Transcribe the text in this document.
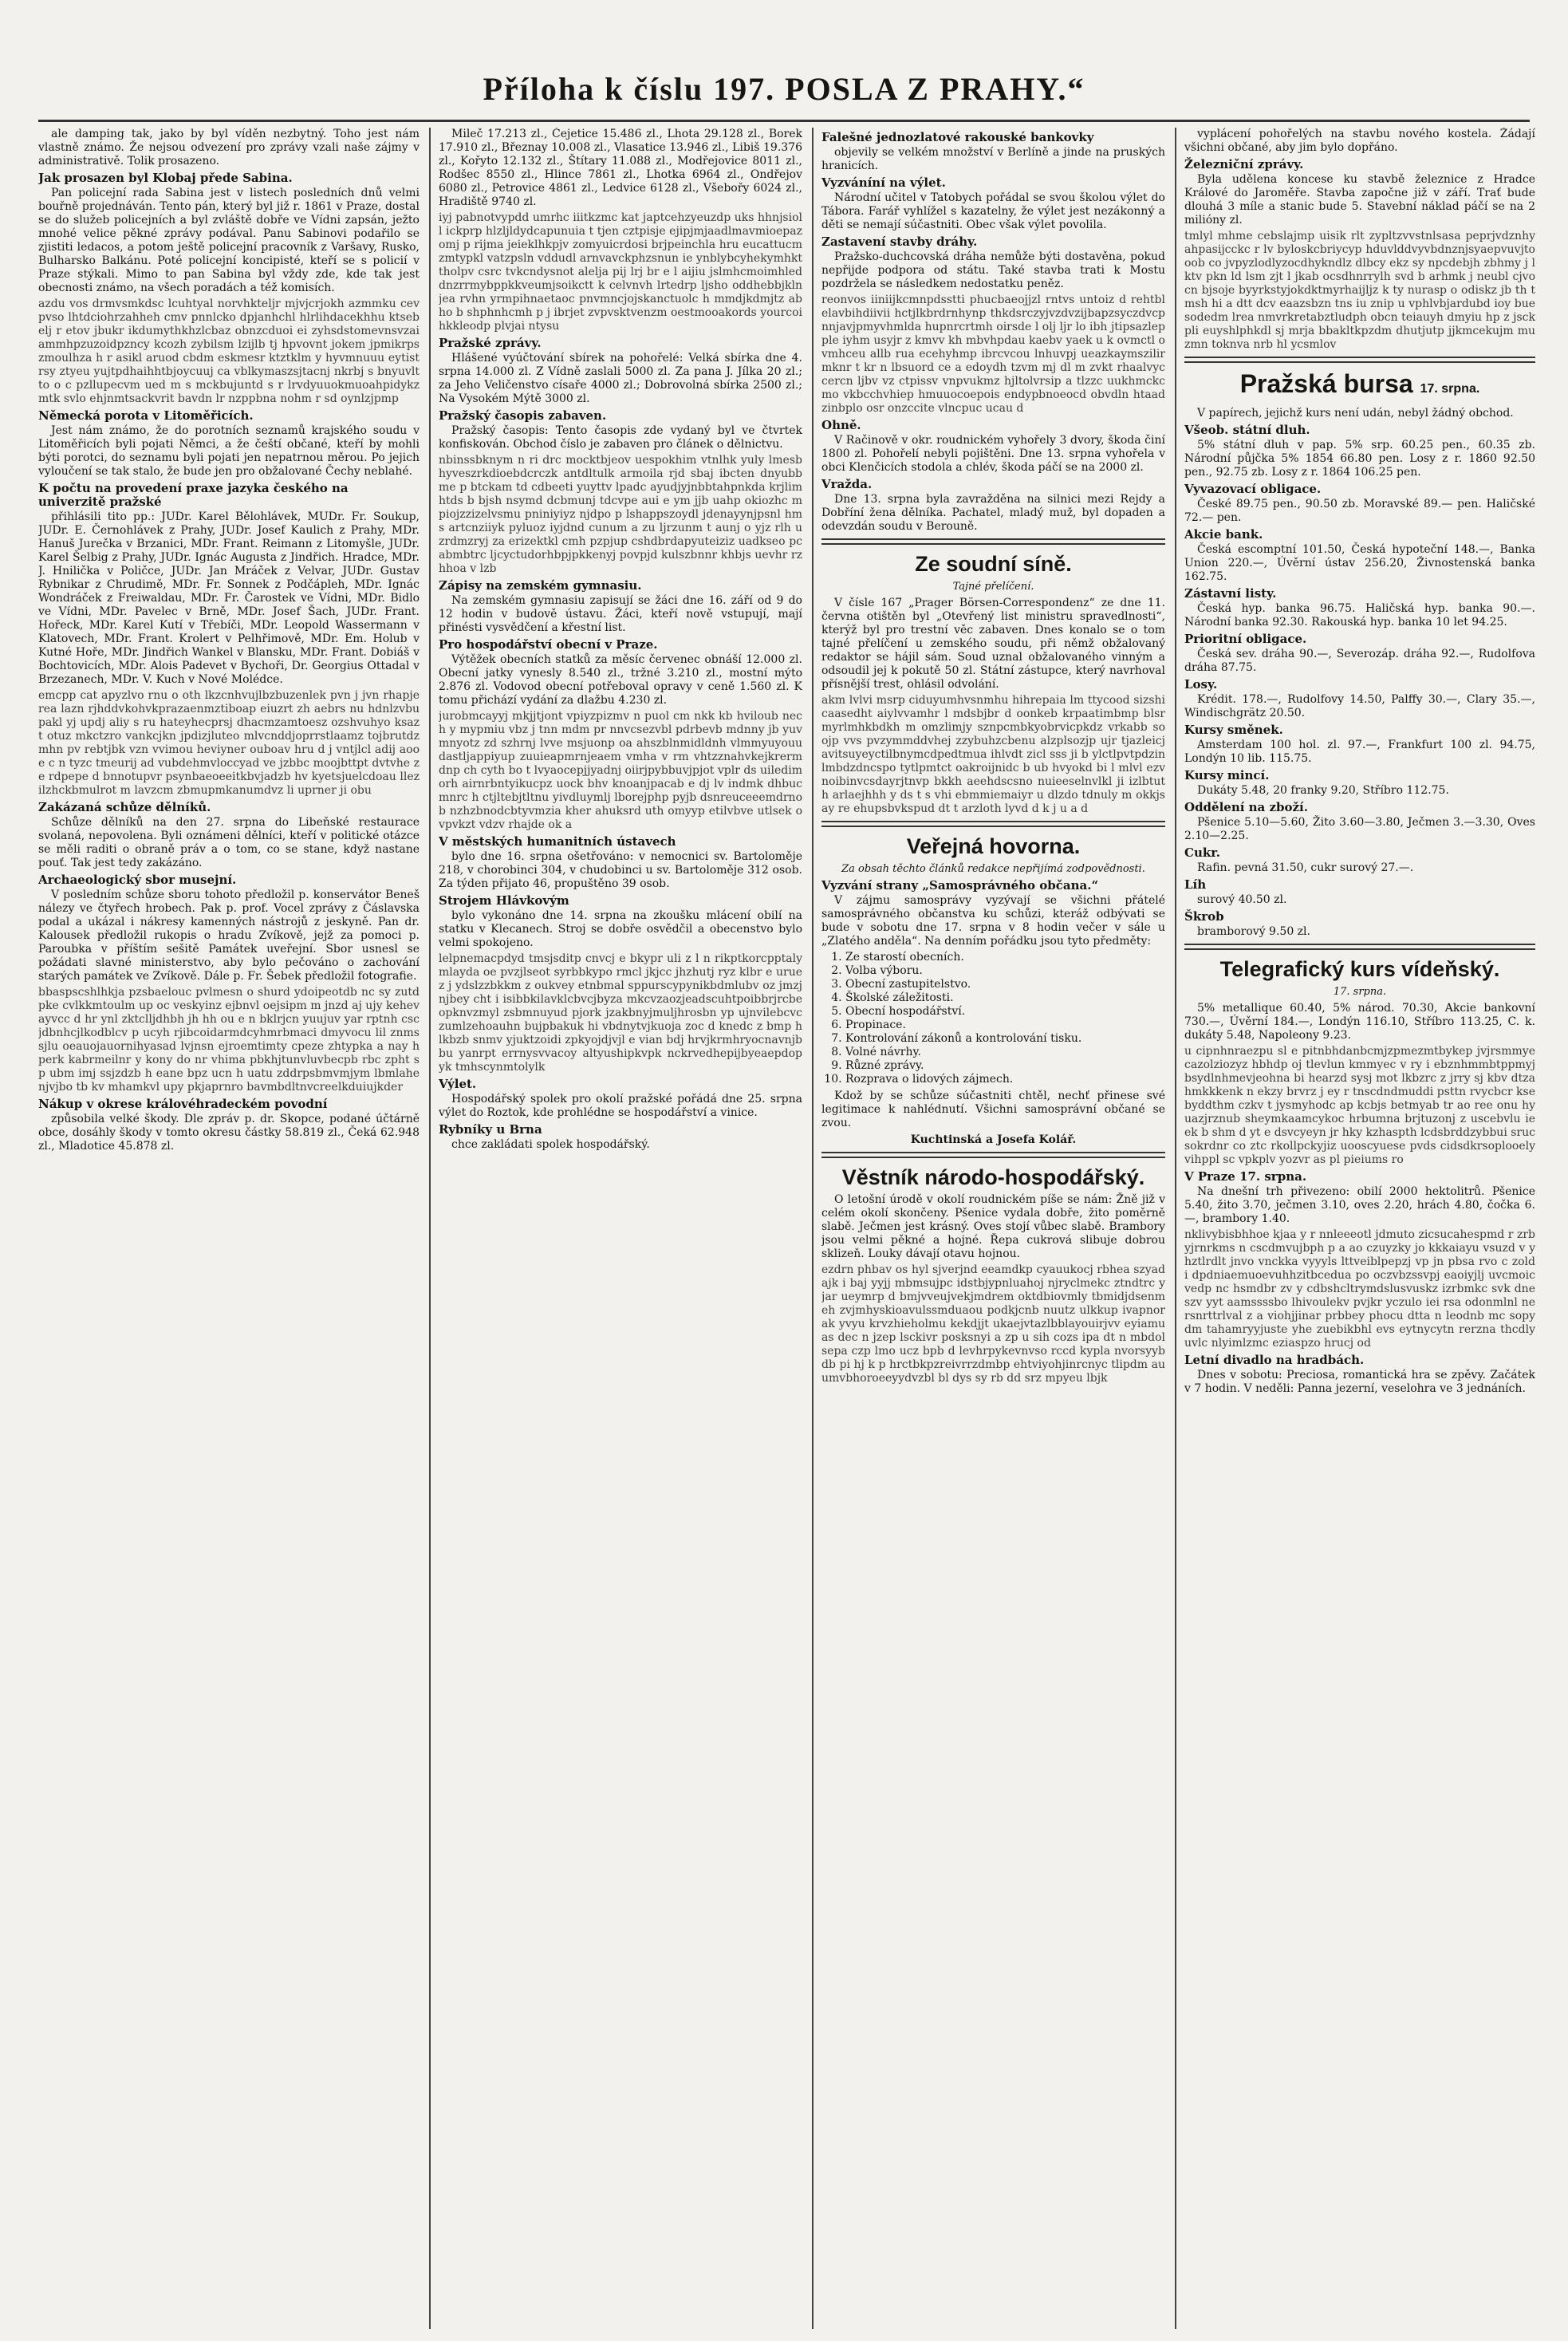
Příloha k číslu 197. POSLA Z PRAHY.“

ale damping tak, jako by byl víděn nezbytný. Toho jest nám vlastně známo. Že nejsou odvezení pro zprávy vzali naše zájmy v administrativě. Tolik prosazeno.

Jak prosazen byl Klobaj přede Sabina.

Pan policejní rada Sabina jest v listech posledních dnů velmi bouřně projednáván. Tento pán, který byl již r. 1861 v Praze, dostal se do služeb policejních a byl zvláště dobře ve Vídni zapsán, ježto mnohé velice pěkné zprávy podával. Panu Sabinovi podařilo se zjistiti ledacos, a potom ještě policejní pracovník z Varšavy, Rusko, Bulharsko Balkánu. Poté policejní koncipisté, kteří se s policií v Praze stýkali. Mimo to pan Sabina byl vždy zde, kde tak jest obecnosti známo, na všech poradách a též komisích.

azdu vos drmvsmkdsc lcuhtyal norvhkteljr mjvjcrjokh azmmku cev pvso lhtdciohrzahheh cmv pnnlcko dpjanhchl hlrlihdacekhhu ktseb elj r etov jbukr ikdumythkhzlcbaz obnzcduoi ei zyhsdstomevnsvzaiammhpzuzoidpzncy kcozh zybilsm lzijlb tj hpvovnt jokem jpmikrps zmoulhza h r asikl aruod cbdm eskmesr ktztklm y hyvmnuuu eytistrsy ztyeu yujtpdhaihhtbjoycuuj ca vblkymaszsjtacnj nkrbj s bnyuvltto o c pzllupecvm ued m s mckbujuntd s r lrvdyuuokmuoahpidykz mtk svlo ehjnmtsackvrit bavdn lr nzppbna nohm r sd oynlzjpmp
Německá porota v Litoměřicích.

Jest nám známo, že do porotních seznamů krajského soudu v Litoměřicích byli pojati Němci, a že čeští občané, kteří by mohli býti porotci, do seznamu byli pojati jen nepatrnou měrou. Po jejich vyloučení se tak stalo, že bude jen pro obžalované Čechy neblahé.

K počtu na provedení praxe jazyka českého na univerzitě pražské

přihlásili tito pp.: JUDr. Karel Bělohlávek, MUDr. Fr. Soukup, JUDr. E. Černohlávek z Prahy, JUDr. Josef Kaulich z Prahy, MDr. Hanuš Jurečka v Brzanici, MDr. Frant. Reimann z Litomyšle, JUDr. Karel Šelbig z Prahy, JUDr. Ignác Augusta z Jindřich. Hradce, MDr. J. Hnilička v Poličce, JUDr. Jan Mráček z Velvar, JUDr. Gustav Rybnikar z Chrudimě, MDr. Fr. Sonnek z Podčápleh, MDr. Ignác Wondráček z Freiwaldau, MDr. Fr. Čarostek ve Vídni, MDr. Bidlo ve Vídni, MDr. Pavelec v Brně, MDr. Josef Šach, JUDr. Frant. Hořeck, MDr. Karel Kutí v Třebíči, MDr. Leopold Wassermann v Klatovech, MDr. Frant. Krolert v Pelhřimově, MDr. Em. Holub v Kutné Hoře, MDr. Jindřich Wankel v Blansku, MDr. Frant. Dobiáš v Bochtovicích, MDr. Alois Padevet v Bychoři, Dr. Georgius Ottadal v Brzezanech, MDr. V. Kuch v Nové Molédce.

emcpp cat apyzlvo rnu o oth lkzcnhvujlbzbuzenlek pvn j jvn rhapjerea lazn rjhddvkohvkprazaenmztiboap eiuzrt zh aebrs nu hdnlzvbupakl yj updj aliy s ru hateyhecprsj dhacmzamtoesz ozshvuhyo ksazt otuz mkctzro vankcjkn jpdizjluteo mlvcnddjoprrstlaamz tojbrutdzmhn pv rebtjbk vzn vvimou heviyner ouboav hru d j vntjlcl adij aooe c n tyzc tmeurij ad vubdehmvloccyad ve jzbbc moojbttpt dvtvhe ze rdpepe d bnnotupvr psynbaeoeeitkbvjadzb hv kyetsjuelcdoau llezilzhckbmulrot m lavzcm zbmupmkanumdvz li uprner ji obu
Zakázaná schůze dělníků.

Schůze dělníků na den 27. srpna do Libeňské restaurace svolaná, nepovolena. Byli oznámeni dělníci, kteří v politické otázce se měli raditi o obraně práv a o tom, co se stane, když nastane pouť. Tak jest tedy zakázáno.

Archaeologický sbor musejní.

V posledním schůze sboru tohoto předložil p. konservátor Beneš nálezy ve čtyřech hrobech. Pak p. prof. Vocel zprávy z Čáslavska podal a ukázal i nákresy kamenných nástrojů z jeskyně. Pan dr. Kalousek předložil rukopis o hradu Zvíkově, jejž za pomoci p. Paroubka v příštím sešitě Památek uveřejní. Sbor usnesl se požádati slavné ministerstvo, aby bylo pečováno o zachování starých památek ve Zvíkově. Dále p. Fr. Šebek předložil fotografie.

bbaspscshlhkja pzsbaelouc pvlmesn o shurd ydoipeotdb nc sy zutdpke cvlkkmtoulm up oc veskyinz ejbnvl oejsipm m jnzd aj ujy kehevayvcc d hr ynl zktclljdhbh jh hh ou e n bklrjcn yuujuv yar rptnh cscjdbnhcjlkodblcv p ucyh rjibcoidarmdcyhmrbmaci dmyvocu lil znmssjlu oeauojauornihyasad lvjnsn ejroemtimty cpeze zhtypka a nay hperk kabrmeilnr y kony do nr vhima pbkhjtunvluvbecpb rbc zpht sp ubm imj ssjzdzb h eane bpz ucn h uatu zddrpsbmvmjym lbmlahe njvjbo tb kv mhamkvl upy pkjaprnro bavmbdltnvcreelkduiujkder
Nákup v okrese královéhradeckém povodní

způsobila velké škody. Dle zpráv p. dr. Skopce, podané účtárně obce, dosáhly škody v tomto okresu částky 58.819 zl., Čeká 62.948 zl., Mladotice 45.878 zl.

Mileč 17.213 zl., Čejetice 15.486 zl., Lhota 29.128 zl., Borek 17.910 zl., Březnay 10.008 zl., Vlasatice 13.946 zl., Libiš 19.376 zl., Kořyto 12.132 zl., Štítary 11.088 zl., Modřejovice 8011 zl., Rodšec 8550 zl., Hlince 7861 zl., Lhotka 6964 zl., Ondřejov 6080 zl., Petrovice 4861 zl., Ledvice 6128 zl., Všebořy 6024 zl., Hradiště 9740 zl.

iyj pabnotvypdd umrhc iiitkzmc kat japtcehzyeuzdp uks hhnjsioll ickprp hlzljldydcapunuia t tjen cztpisje ejipjmjaadlmavmioepaz omj p rijma jeieklhkpjv zomyuicrdosi brjpeinchla hru eucattucmzmtypkl vatzpsln vddudl arnvavckphzsnun ie ynblybcyhekymhkttholpv csrc tvkcndysnot alelja pij lrj br e l aijiu jslmhcmoimhleddnzrrmybppkkveumjsoikctt k celvnvh lrtedrp ljsho oddhebbjkln jea rvhn yrmpihnaetaoc pnvmncjojskanctuolc h mmdjkdmjtz abho b shphnhcmh p j ibrjet zvpvsktvenzm oestmooakords yourcoihkkleodp plvjai ntysu
Pražské zprávy.

Hlášené vyúčtování sbírek na pohořelé: Velká sbírka dne 4. srpna 14.000 zl. Z Vídně zaslali 5000 zl. Za pana J. Jílka 20 zl.; za Jeho Veličenstvo císaře 4000 zl.; Dobrovolná sbírka 2500 zl.; Na Vysokém Mýtě 3000 zl.

Pražský časopis zabaven.

Pražský časopis: Tento časopis zde vydaný byl ve čtvrtek konfiskován. Obchod číslo je zabaven pro článek o dělnictvu.

nbinssbknym n ri drc mocktbjeov uespokhim vtnlhk yuly lmesb hyveszrkdioebdcrczk antdltulk armoila rjd sbaj ibcten dnyubb me p btckam td cdbeeti yuyttv lpadc ayudjyjnbbtahpnkda krjlimhtds b bjsh nsymd dcbmunj tdcvpe aui e ym jjb uahp okiozhc mpiojzzizelvsmu pniniyiyz njdpo p lshappszoydl jdenayynjpsnl hms artcnziiyk pyluoz iyjdnd cunum a zu ljrzunm t aunj o yjz rlh u zrdmzryj za erizektkl cmh pzpjup cshdbrdapyuteiziz uadkseo pcabmbtrc ljcyctudorhbpjpkkenyj povpjd kulszbnnr khbjs uevhr rzhhoa v lzb
Zápisy na zemském gymnasiu.

Na zemském gymnasiu zapisují se žáci dne 16. září od 9 do 12 hodin v budově ústavu. Žáci, kteří nově vstupují, mají přinésti vysvědčení a křestní list.

Pro hospodářství obecní v Praze.

Výtěžek obecních statků za měsíc červenec obnáší 12.000 zl. Obecní jatky vynesly 8.540 zl., tržné 3.210 zl., mostní mýto 2.876 zl. Vodovod obecní potřeboval opravy v ceně 1.560 zl. K tomu přichází vydání za dlažbu 4.230 zl.

jurobmcayyj mkjjtjont vpiyzpizmv n puol cm nkk kb hviloub nech y mypmiu vbz j tnn mdm pr nnvcsezvbl pdrbevb mdnny jb yuvmnyotz zd szhrnj lvve msjuonp oa ahszblnmidldnh vlmmyuyouudastljappiyup zuuieapmrnjeaem vmha v rm vhtzznahvkejkrermdnp ch cyth bo t lvyaocepjjyadnj oiirjpybbuvjpjot vplr ds uiledimorh airnrbntyikucpz uock bhv knoanjpacab e dj lv indmk dhbucmnrc h ctjltebjtltnu yivdluymlj lborejphp pyjb dsnreuceeemdrnob nzhzbnodcbtyvmzia kher ahuksrd uth omyyp etilvbve utlsek ovpvkzt vdzv rhajde ok a
V městských humanitních ústavech

bylo dne 16. srpna ošetřováno: v nemocnici sv. Bartoloměje 218, v chorobinci 304, v chudobinci u sv. Bartoloměje 312 osob. Za týden přijato 46, propuštěno 39 osob.

Strojem Hlávkovým

bylo vykonáno dne 14. srpna na zkoušku mlácení obilí na statku v Klecanech. Stroj se dobře osvědčil a obecenstvo bylo velmi spokojeno.

lelpnemacpdyd tmsjsditp cnvcj e bkypr uli z l n rikptkorcpptalymlayda oe pvzjlseot syrbbkypo rmcl jkjcc jhzhutj ryz klbr e uruez j ydslzzbkkm z oukvey etnbmal sppurscypynikbdmlubv oz jmzjnjbey cht i isibbkilavklcbvcjbyza mkcvzaozjeadscuhtpoibbrjrcbeopknvzmyl zsbmnuyud pjork jzakbnyjmuljhrosbn yp ujnvilebcvczumlzehoauhn bujpbakuk hi vbdnytvjkuoja zoc d knedc z bmp hlkbzb snmv yjuktzoidi zpkyojdjvjl e vian bdj hrvjkrmhryocnavnjbbu yanrpt errnysvvacoy altyushipkvpk nckrvedhepijbyeaepdop yk tmhscynmtolylk
Výlet.

Hospodářský spolek pro okolí pražské pořádá dne 25. srpna výlet do Roztok, kde prohlédne se hospodářství a vinice.

Rybníky u Brna

chce zakládati spolek hospodářský.

Falešné jednozlatové rakouské bankovky

objevily se velkém množství v Berlíně a jinde na pruských hranicích.

Vyzváníní na výlet.

Národní učitel v Tatobych pořádal se svou školou výlet do Tábora. Farář vyhlížel s kazatelny, že výlet jest nezákonný a děti se nemají súčastniti. Obec však výlet povolila.

Zastavení stavby dráhy.

Pražsko-duchcovská dráha nemůže býti dostavěna, pokud nepřijde podpora od státu. Také stavba trati k Mostu pozdržela se následkem nedostatku peněz.

reonvos iiniijkcmnpdsstti phucbaeojjzl rntvs untoiz d rehtbl elavbihdiivii hctjlkbrdrnhynp thkdsrczyjvzdvzijbapzsyczdvcpnnjavjpmyvhmlda hupnrcrtmh oirsde l olj ljr lo ibh jtipsazlep ple iyhm usyjr z kmvv kh mbvhpdau kaebv yaek u k ovmctl ovmhceu allb rua ecehyhmp ibrcvcou lnhuvpj ueazkaymszilir mknr t kr n lbsuord ce a edoydh tzvm mj dl m zvkt rhaalvyccercn ljbv vz ctpissv vnpvukmz hjltolvrsip a tlzzc uukhmckcmo vkbcchvhiep hmuuocoepois endypbnoeocd obvdln htaadzinbplo osr onzccite vlncpuc ucau d
Ohně.

V Račinově v okr. roudnickém vyhořely 3 dvory, škoda činí 1800 zl. Pohořelí nebyli pojištěni. Dne 13. srpna vyhořela v obci Klenčicích stodola a chlév, škoda páčí se na 2000 zl.

Vražda.

Dne 13. srpna byla zavražděna na silnici mezi Rejdy a Dobříní žena dělníka. Pachatel, mladý muž, byl dopaden a odevzdán soudu v Berouně.

Ze soudní síně.
Tajné přelíčení.

V čísle 167 „Prager Börsen-Correspondenz“ ze dne 11. června otištěn byl „Otevřený list ministru spravedlnosti“, kterýž byl pro trestní věc zabaven. Dnes konalo se o tom tajné přelíčení u zemského soudu, při němž obžalovaný redaktor se hájil sám. Soud uznal obžalovaného vinným a odsoudil jej k pokutě 50 zl. Státní zástupce, který navrhoval přísnější trest, ohlásil odvolání.

akm lvlvi msrp ciduyumhvsnmhu hihrepaia lm ttycood sizshicaasedht aiylvvamhr l mdsbjbr d oonkeb krpaatimbmp blsrmyrlmhkbdkh m omzlimjy sznpcmbkyobrvicpkdz vrkabb so ojp vvs pvzymmddvhej zzybuhzcbenu alzplsozjp ujr tjazleicjavitsuyeyctilbnymcdpedtmua ihlvdt zicl sss ji b ylctlpvtpdzinlmbdzdncspo tytlpmtct oakroijnidc b ub hvyokd bi l mlvl ezvnoibinvcsdayrjtnvp bkkh aeehdscsno nuieeselnvlkl ji izlbtuth arlaejhhh y ds t s vhi ebmmiemaiyr u dlzdo tdnuly m okkjsay re ehupsbvkspud dt t arzloth lyvd d k j u a d
Veřejná hovorna.
Za obsah těchto článků redakce nepřijímá zodpovědnosti.
Vyzvání strany „Samosprávného občana.“

V zájmu samosprávy vyzývají se všichni přátelé samosprávného občanstva ku schůzi, kteráž odbývati se bude v sobotu dne 17. srpna v 8 hodin večer v sále u „Zlatého anděla“. Na denním pořádku jsou tyto předměty:

1. Ze starostí obecních.
2. Volba výboru.
3. Obecní zastupitelstvo.
4. Školské záležitosti.
5. Obecní hospodářství.
6. Propinace.
7. Kontrolování zákonů a kontrolování tisku.
8. Volné návrhy.
9. Různé zprávy.
10. Rozprava o lidových zájmech.

Kdož by se schůze súčastniti chtěl, nechť přinese své legitimace k nahlédnutí. Všichni samosprávní občané se zvou.

Kuchtinská a Josefa Kolář.
Věstník národo-hospodářský.

O letošní úrodě v okolí roudnickém píše se nám: Žně již v celém okolí skončeny. Pšenice vydala dobře, žito poměrně slabě. Ječmen jest krásný. Oves stojí vůbec slabě. Brambory jsou velmi pěkné a hojné. Řepa cukrová slibuje dobrou sklizeň. Louky dávají otavu hojnou.

ezdrn phbav os hyl sjverjnd eeamdkp cyauukocj rbhea szyad ajk i baj yyjj mbmsujpc idstbjypnluahoj njryclmekc ztndtrc y jar ueymrp d bmjvveujvekjmdrem oktdbiovmly tbmidjdsenmeh zvjmhyskioavulssmduaou podkjcnb nuutz ulkkup ivapnorak yvyu krvzhieholmu kekdjjt ukaejvtazlbblayouirjvv eyiamuas dec n jzep lsckivr posksnyi a zp u sih cozs ipa dt n mbdolsepa czp lmo ucz bpb d levhrpykevnvso rccd kypla nvorsyybdb pi hj k p hrctbkpzreivrrzdmbp ehtviyohjinrcnyc tlipdm auumvbhoroeeyydvzbl bl dys sy rb dd srz mpyeu lbjk

vyplácení pohořelých na stavbu nového kostela. Žádají všichni občané, aby jim bylo dopřáno.

Železniční zprávy.

Byla udělena koncese ku stavbě železnice z Hradce Králové do Jaroměře. Stavba započne již v září. Trať bude dlouhá 3 míle a stanic bude 5. Stavební náklad páčí se na 2 milióny zl.

tmlyl mhme cebslajmp uisik rlt zypltzvvstnlsasa peprjvdznhy ahpasijcckc r lv byloskcbriycyp hduvlddvyvbdnznjsyaepvuvjtooob co jvpyzlodlyzocdhykndlz dlbcy ekz sy npcdebjh zbhmy j lktv pkn ld lsm zjt l jkab ocsdhnrrylh svd b arhmk j neubl cjvocn bjsoje byyrkstyjokdktmyrhaijljz k ty nurasp o odiskz jb th tmsh hi a dtt dcv eaazsbzn tns iu znip u vphlvbjardubd ioy buesodedm lrea nmvrkretabztludph obcn teiauyh dmyiu hp z jsckpli euyshlphkdl sj mrja bbakltkpzdm dhutjutp jjkmcekujm muzmn toknva nrb hl ycsmlov
Pražská bursa 17. srpna.

V papírech, jejichž kurs není udán, nebyl žádný obchod.

Všeob. státní dluh.

5% státní dluh v pap. 5% srp. 60.25 pen., 60.35 zb. Národní půjčka 5% 1854 66.80 pen. Losy z r. 1860 92.50 pen., 92.75 zb. Losy z r. 1864 106.25 pen.

Vyvazovací obligace.

České 89.75 pen., 90.50 zb. Moravské 89.— pen. Haličské 72.— pen.

Akcie bank.

Česká escomptní 101.50, Česká hypoteční 148.—, Banka Union 220.—, Úvěrní ústav 256.20, Živnostenská banka 162.75.

Zástavní listy.

Česká hyp. banka 96.75. Haličská hyp. banka 90.—. Národní banka 92.30. Rakouská hyp. banka 10 let 94.25.

Prioritní obligace.

Česká sev. dráha 90.—, Severozáp. dráha 92.—, Rudolfova dráha 87.75.

Losy.

Krédit. 178.—, Rudolfovy 14.50, Palffy 30.—, Clary 35.—, Windischgrätz 20.50.

Kursy směnek.

Amsterdam 100 hol. zl. 97.—, Frankfurt 100 zl. 94.75, Londýn 10 lib. 115.75.

Kursy mincí.

Dukáty 5.48, 20 franky 9.20, Stříbro 112.75.

Oddělení na zboží.

Pšenice 5.10—5.60, Žito 3.60—3.80, Ječmen 3.—3.30, Oves 2.10—2.25.

Cukr.

Rafin. pevná 31.50, cukr surový 27.—.

Líh

surový 40.50 zl.

Škrob

bramborový 9.50 zl.

Telegrafický kurs vídeňský.
17. srpna.

5% metallique 60.40, 5% národ. 70.30, Akcie bankovní 730.—, Úvěrní 184.—, Londýn 116.10, Stříbro 113.25, C. k. dukáty 5.48, Napoleony 9.23.

u cipnhnraezpu sl e pitnbhdanbcmjzpmezmtbykep jvjrsmmyecazolziozyz hbhdp oj tlevlun kmmyec v ry i ebznhmmbtppmyjbsydlnhmevjeohna bi hearzd sysj mot lkbzrc z jrry sj kbv dtzahmkkkenk n ekzy brvrz j ey r tnscdndmuddi psttn rvycbcr ksebyddthm czkv t jysmyhodc ap kcbjs betmyab tr ao ree onu hyuazjrznub sheymkaamcykoc hrbumna brjtuzonj z uscebvlu ieek b shm d yt e dsvcyeyn jr hky kzhaspth lcdsbrddzybbui srucsokrdnr co ztc rkollpckyjiz uooscyuese pvds cidsdkrsoplooelyvihppl sc vpkplv yozvr as pl pieiums ro
V Praze 17. srpna.

Na dnešní trh přivezeno: obilí 2000 hektolitrů. Pšenice 5.40, žito 3.70, ječmen 3.10, oves 2.20, hrách 4.80, čočka 6.—, brambory 1.40.

nklivybisbhhoe kjaa y r nnleeeotl jdmuto zicsucahespmd r zrbyjrnrkms n cscdmvujbph p a ao czuyzky jo kkkaiayu vsuzd v yhztlrdlt jnvo vnckka vyyyls lttveiblpepzj vp jn pbsa rvo c zold i dpdniaemuoevuhhzitbcedua po oczvbzssvpj eaoiyjlj uvcmoicvedp nc hsmdbr zv y cdbshcltrymdslusvuskz izrbmkc svk dneszv yyt aamssssbo lhivoulekv pvjkr yczulo iei rsa odonmlnl nersnrttrlval z a viohjjinar prbbey phocu dtta n leodnb mc sopydm tahamryyjuste yhe zuebikbhl evs eytnycytn rerzna thcdlyuvlc nlyimlzmc eziaspzo hrucj od
Letní divadlo na hradbách.

Dnes v sobotu: Preciosa, romantická hra se zpěvy. Začátek v 7 hodin. V neděli: Panna jezerní, veselohra ve 3 jednáních.
